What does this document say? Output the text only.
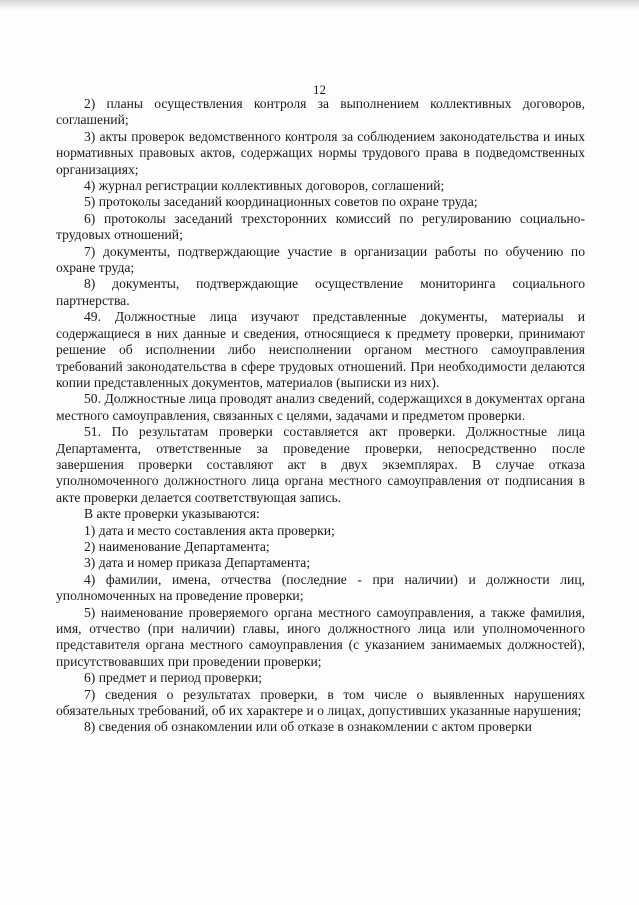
12

2) планы осуществления контроля за выполнением коллективных договоров, соглашений;

3) акты проверок ведомственного контроля за соблюдением законодательства и иных нормативных правовых актов, содержащих нормы трудового права в подведомственных организациях;

4) журнал регистрации коллективных договоров, соглашений;

5) протоколы заседаний координационных советов по охране труда;

6) протоколы заседаний трехсторонних комиссий по регулированию социально-трудовых отношений;

7) документы, подтверждающие участие в организации работы по обучению по охране труда;

8) документы, подтверждающие осуществление мониторинга социального партнерства.

49. Должностные лица изучают представленные документы, материалы и содержащиеся в них данные и сведения, относящиеся к предмету проверки, принимают решение об исполнении либо неисполнении органом местного самоуправления требований законодательства в сфере трудовых отношений. При необходимости делаются копии представленных документов, материалов (выписки из них).

50. Должностные лица проводят анализ сведений, содержащихся в документах органа местного самоуправления, связанных с целями, задачами и предметом проверки.

51. По результатам проверки составляется акт проверки. Должностные лица Департамента, ответственные за проведение проверки, непосредственно после завершения проверки составляют акт в двух экземплярах. В случае отказа уполномоченного должностного лица органа местного самоуправления от подписания в акте проверки делается соответствующая запись.

В акте проверки указываются:

1) дата и место составления акта проверки;

2) наименование Департамента;

3) дата и номер приказа Департамента;

4) фамилии, имена, отчества (последние - при наличии) и должности лиц, уполномоченных на проведение проверки;

5) наименование проверяемого органа местного самоуправления, а также фамилия, имя, отчество (при наличии) главы, иного должностного лица или уполномоченного представителя органа местного самоуправления (с указанием занимаемых должностей), присутствовавших при проведении проверки;

6) предмет и период проверки;

7) сведения о результатах проверки, в том числе о выявленных нарушениях обязательных требований, об их характере и о лицах, допустивших указанные нарушения;

8) сведения об ознакомлении или об отказе в ознакомлении с актом проверки
